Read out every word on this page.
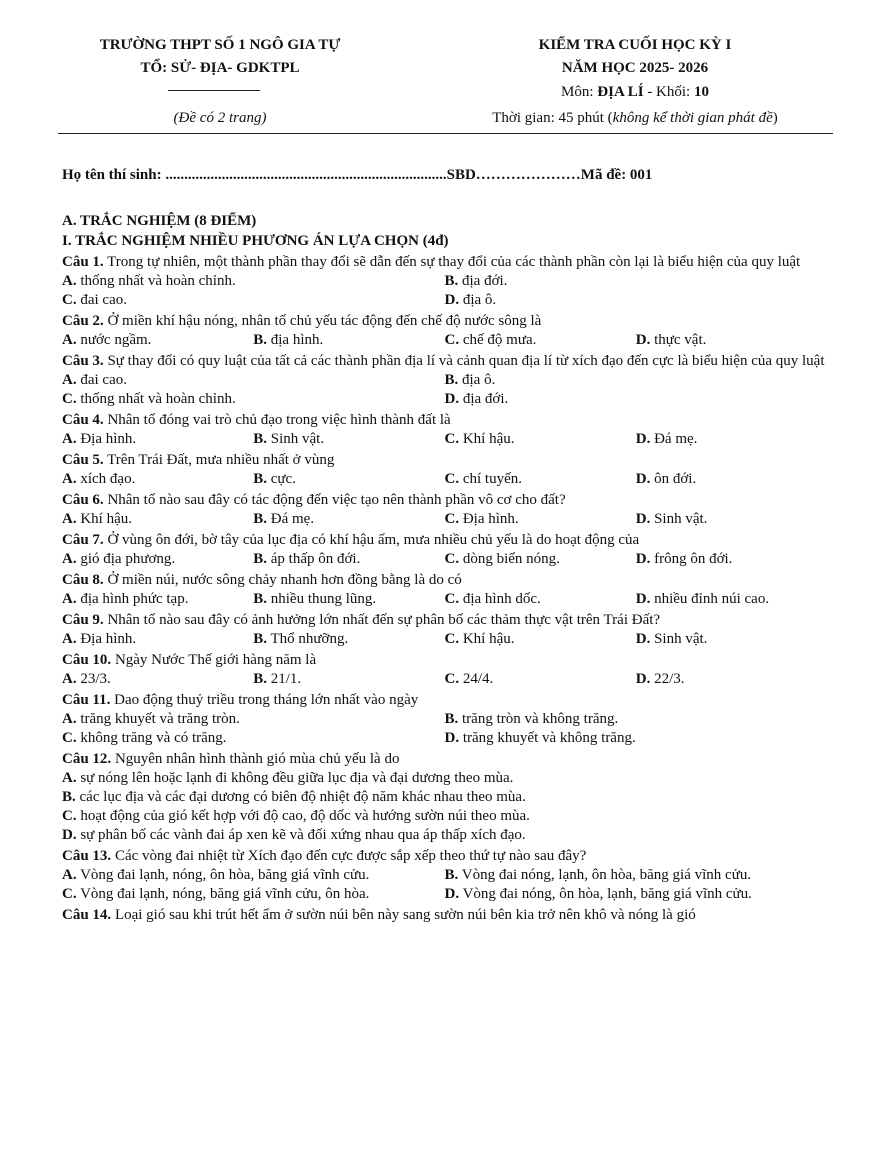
TRƯỜNG THPT SỐ 1 NGÔ GIA TỰ
TỔ: SỬ- ĐỊA- GDKTPL
(Đề có 2 trang)
KIỂM TRA CUỐI HỌC KỲ I
NĂM HỌC 2025- 2026
Môn: ĐỊA LÍ - Khối: 10
Thời gian: 45 phút (không kể thời gian phát đề)
Họ tên thí sinh: ...........................................................................SBD…………………Mã đề: 001
A. TRẮC NGHIỆM (8 ĐIỂM)
I. TRẮC NGHIỆM NHIỀU PHƯƠNG ÁN LỰA CHỌN (4đ)
Câu 1. Trong tự nhiên, một thành phần thay đổi sẽ dẫn đến sự thay đổi của các thành phần còn lại là biểu hiện của quy luật
A. thống nhất và hoàn chỉnh.	B. địa đới.
C. đai cao.	D. địa ô.
Câu 2. Ở miền khí hậu nóng, nhân tố chủ yếu tác động đến chế độ nước sông là
A. nước ngầm.	B. địa hình.	C. chế độ mưa.	D. thực vật.
Câu 3. Sự thay đổi có quy luật của tất cả các thành phần địa lí và cảnh quan địa lí từ xích đạo đến cực là biểu hiện của quy luật
A. đai cao.	B. địa ô.
C. thống nhất và hoàn chỉnh.	D. địa đới.
Câu 4. Nhân tố đóng vai trò chủ đạo trong việc hình thành đất là
A. Địa hình.	B. Sinh vật.	C. Khí hậu.	D. Đá mẹ.
Câu 5. Trên Trái Đất, mưa nhiều nhất ở vùng
A. xích đạo.	B. cực.	C. chí tuyến.	D. ôn đới.
Câu 6. Nhân tố nào sau đây có tác động đến việc tạo nên thành phần vô cơ cho đất?
A. Khí hậu.	B. Đá mẹ.	C. Địa hình.	D. Sinh vật.
Câu 7. Ở vùng ôn đới, bờ tây của lục địa có khí hậu ấm, mưa nhiều chủ yếu là do hoạt động của
A. gió địa phương.	B. áp thấp ôn đới.	C. dòng biển nóng.	D. frông ôn đới.
Câu 8. Ở miền núi, nước sông chảy nhanh hơn đồng bằng là do có
A. địa hình phức tạp.	B. nhiều thung lũng.	C. địa hình dốc.	D. nhiều đỉnh núi cao.
Câu 9. Nhân tố nào sau đây có ảnh hưởng lớn nhất đến sự phân bố các thảm thực vật trên Trái Đất?
A. Địa hình.	B. Thổ nhưỡng.	C. Khí hậu.	D. Sinh vật.
Câu 10. Ngày Nước Thế giới hàng năm là
A. 23/3.	B. 21/1.	C. 24/4.	D. 22/3.
Câu 11. Dao động thuỷ triều trong tháng lớn nhất vào ngày
A. trăng khuyết và trăng tròn.	B. trăng tròn và không trăng.
C. không trăng và có trăng.	D. trăng khuyết và không trăng.
Câu 12. Nguyên nhân hình thành gió mùa chủ yếu là do
A. sự nóng lên hoặc lạnh đi không đều giữa lục địa và đại dương theo mùa.
B. các lục địa và các đại dương có biên độ nhiệt độ năm khác nhau theo mùa.
C. hoạt động của gió kết hợp với độ cao, độ dốc và hướng sườn núi theo mùa.
D. sự phân bố các vành đai áp xen kẽ và đối xứng nhau qua áp thấp xích đạo.
Câu 13. Các vòng đai nhiệt từ Xích đạo đến cực được sắp xếp theo thứ tự nào sau đây?
A. Vòng đai lạnh, nóng, ôn hòa, băng giá vĩnh cửu.	B. Vòng đai nóng, lạnh, ôn hòa, băng giá vĩnh cửu.
C. Vòng đai lạnh, nóng, băng giá vĩnh cửu, ôn hòa.	D. Vòng đai nóng, ôn hòa, lạnh, băng giá vĩnh cửu.
Câu 14. Loại gió sau khi trút hết ẩm ở sườn núi bên này sang sườn núi bên kia trở nên khô và nóng là gió
